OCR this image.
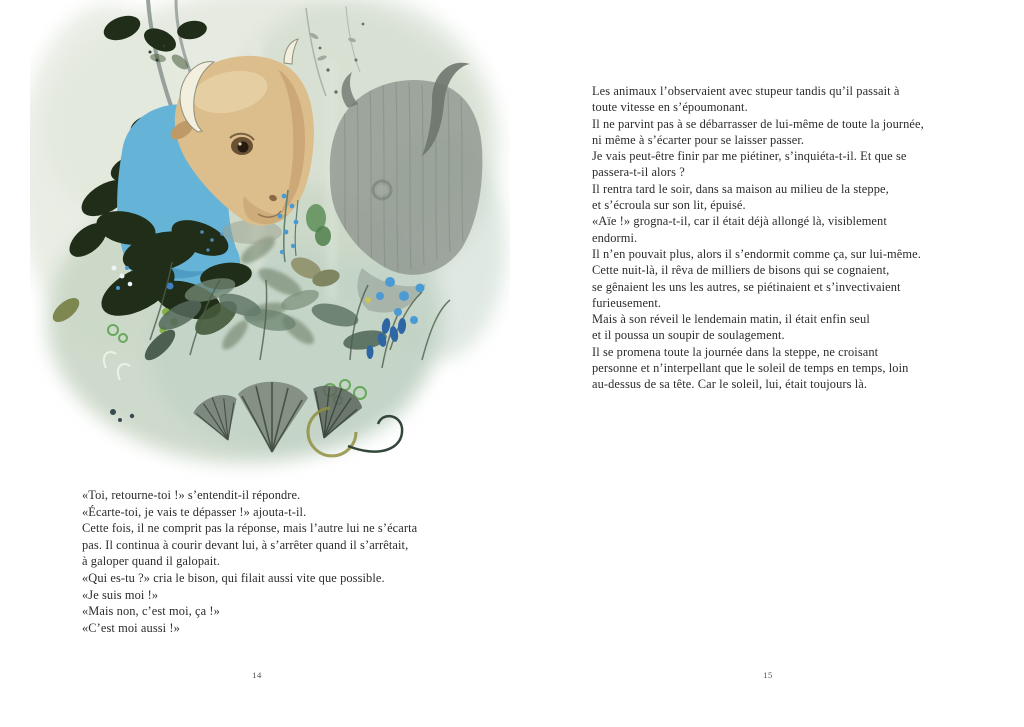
«Toi, retourne-toi !» s’entendit-il répondre.
«Écarte-toi, je vais te dépasser !» ajouta-t-il.
Cette fois, il ne comprit pas la réponse, mais l’autre lui ne s’écarta
pas. Il continua à courir devant lui, à s’arrêter quand il s’arrêtait,
à galoper quand il galopait.
«Qui es-tu ?» cria le bison, qui filait aussi vite que possible.
«Je suis moi !»
«Mais non, c’est moi, ça !»
«C’est moi aussi !»
14
Les animaux l’observaient avec stupeur tandis qu’il passait à
toute vitesse en s’époumonant.
Il ne parvint pas à se débarrasser de lui-même de toute la journée,
ni même à s’écarter pour se laisser passer.
Je vais peut-être finir par me piétiner, s’inquiéta-t-il. Et que se
passera-t-il alors ?
Il rentra tard le soir, dans sa maison au milieu de la steppe,
et s’écroula sur son lit, épuisé.
«Aïe !» grogna-t-il, car il était déjà allongé là, visiblement
endormi.
Il n’en pouvait plus, alors il s’endormit comme ça, sur lui-même.
Cette nuit-là, il rêva de milliers de bisons qui se cognaient,
se gênaient les uns les autres, se piétinaient et s’invectivaient
furieusement.
Mais à son réveil le lendemain matin, il était enfin seul
et il poussa un soupir de soulagement.
Il se promena toute la journée dans la steppe, ne croisant
personne et n’interpellant que le soleil de temps en temps, loin
au-dessus de sa tête. Car le soleil, lui, était toujours là.
15
